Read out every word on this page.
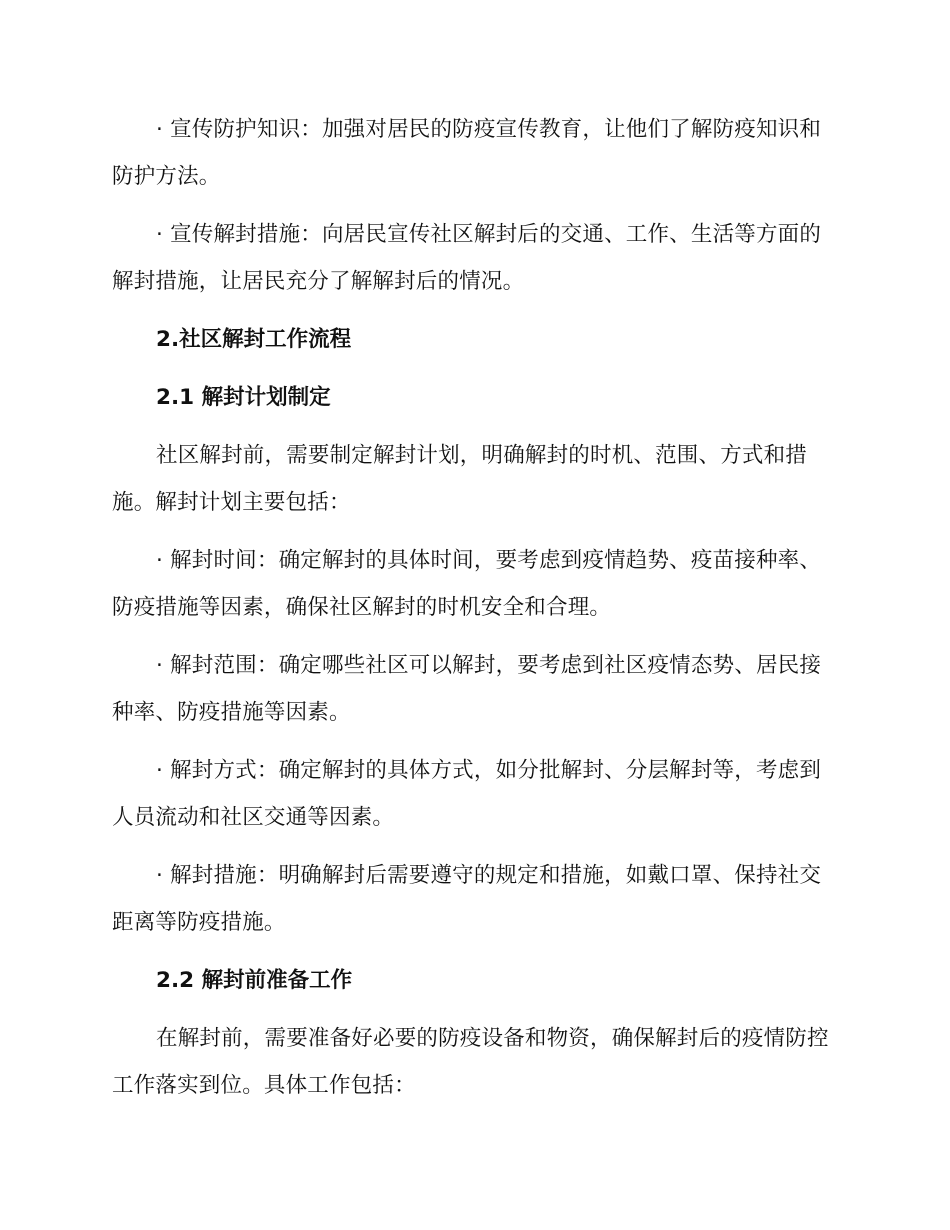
· 宣传防护知识：加强对居民的防疫宣传教育，让他们了解防疫知识和防护方法。

· 宣传解封措施：向居民宣传社区解封后的交通、工作、生活等方面的解封措施，让居民充分了解解封后的情况。

2.社区解封工作流程
2.1 解封计划制定

社区解封前，需要制定解封计划，明确解封的时机、范围、方式和措施。解封计划主要包括：

· 解封时间：确定解封的具体时间，要考虑到疫情趋势、疫苗接种率、防疫措施等因素，确保社区解封的时机安全和合理。

· 解封范围：确定哪些社区可以解封，要考虑到社区疫情态势、居民接种率、防疫措施等因素。

· 解封方式：确定解封的具体方式，如分批解封、分层解封等，考虑到人员流动和社区交通等因素。

· 解封措施：明确解封后需要遵守的规定和措施，如戴口罩、保持社交距离等防疫措施。

2.2 解封前准备工作

在解封前，需要准备好必要的防疫设备和物资，确保解封后的疫情防控工作落实到位。具体工作包括：
